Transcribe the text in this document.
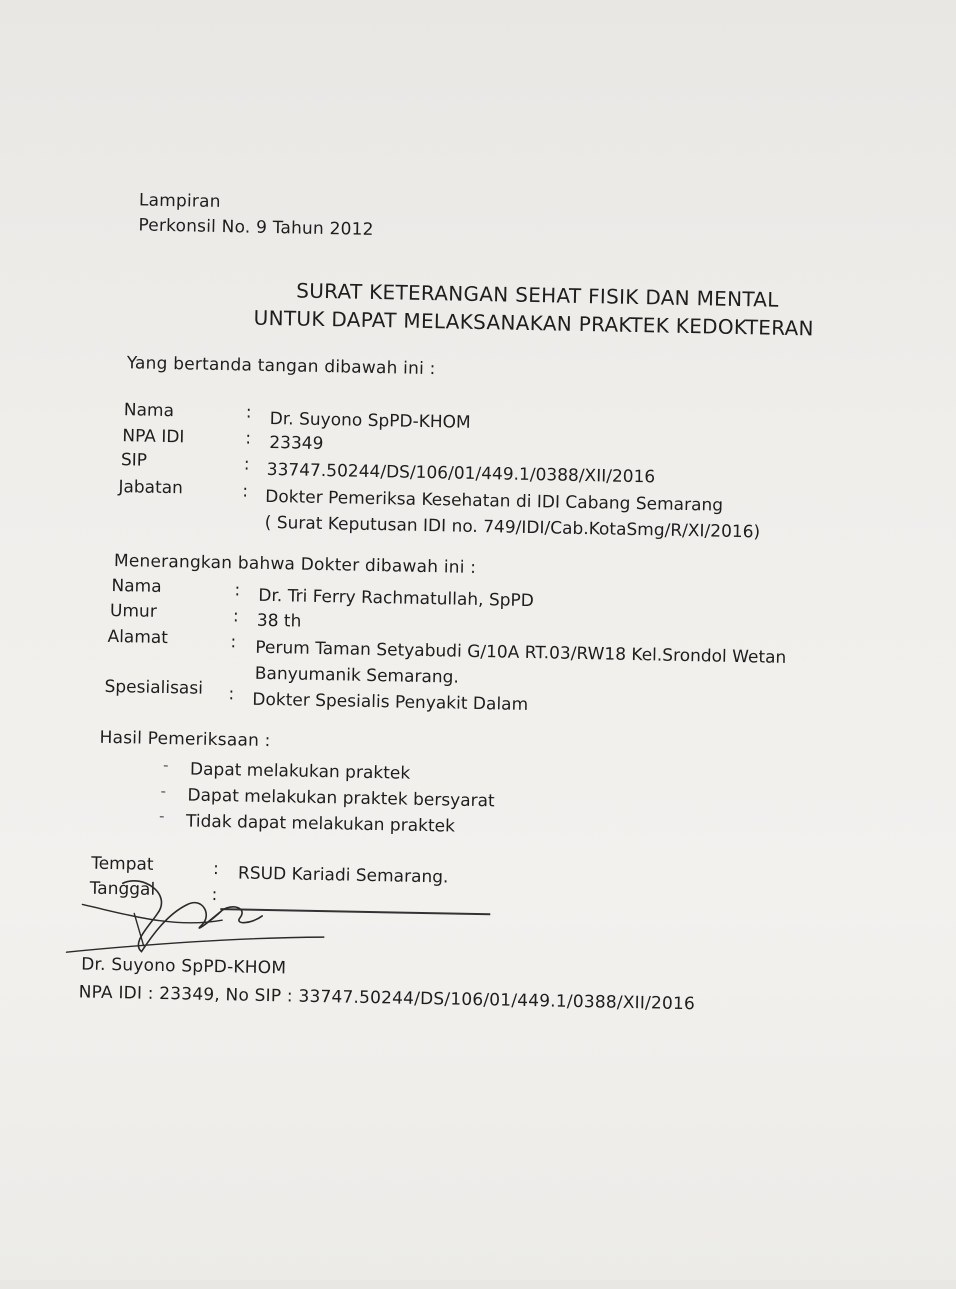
Lampiran
Perkonsil No. 9 Tahun 2012
SURAT KETERANGAN SEHAT FISIK DAN MENTAL
UNTUK DAPAT MELAKSANAKAN PRAKTEK KEDOKTERAN
Yang bertanda tangan dibawah ini :
Nama	: Dr. Suyono SpPD-KHOM
NPA IDI	: 23349
SIP	: 33747.50244/DS/106/01/449.1/0388/XII/2016
Jabatan	: Dokter Pemeriksa Kesehatan di IDI Cabang Semarang
( Surat Keputusan IDI no. 749/IDI/Cab.KotaSmg/R/XI/2016)
Menerangkan bahwa Dokter dibawah ini :
Nama	: Dr. Tri Ferry Rachmatullah, SpPD
Umur	: 38 th
Alamat	: Perum Taman Setyabudi G/10A RT.03/RW18 Kel.Srondol Wetan
Banyumanik Semarang.
Spesialisasi : Dokter Spesialis Penyakit Dalam
Hasil Pemeriksaan :
- Dapat melakukan praktek
- Dapat melakukan praktek bersyarat
- Tidak dapat melakukan praktek
Tempat	: RSUD Kariadi Semarang.
Tanggal	:
Dr. Suyono SpPD-KHOM
NPA IDI : 23349, No SIP : 33747.50244/DS/106/01/449.1/0388/XII/2016
